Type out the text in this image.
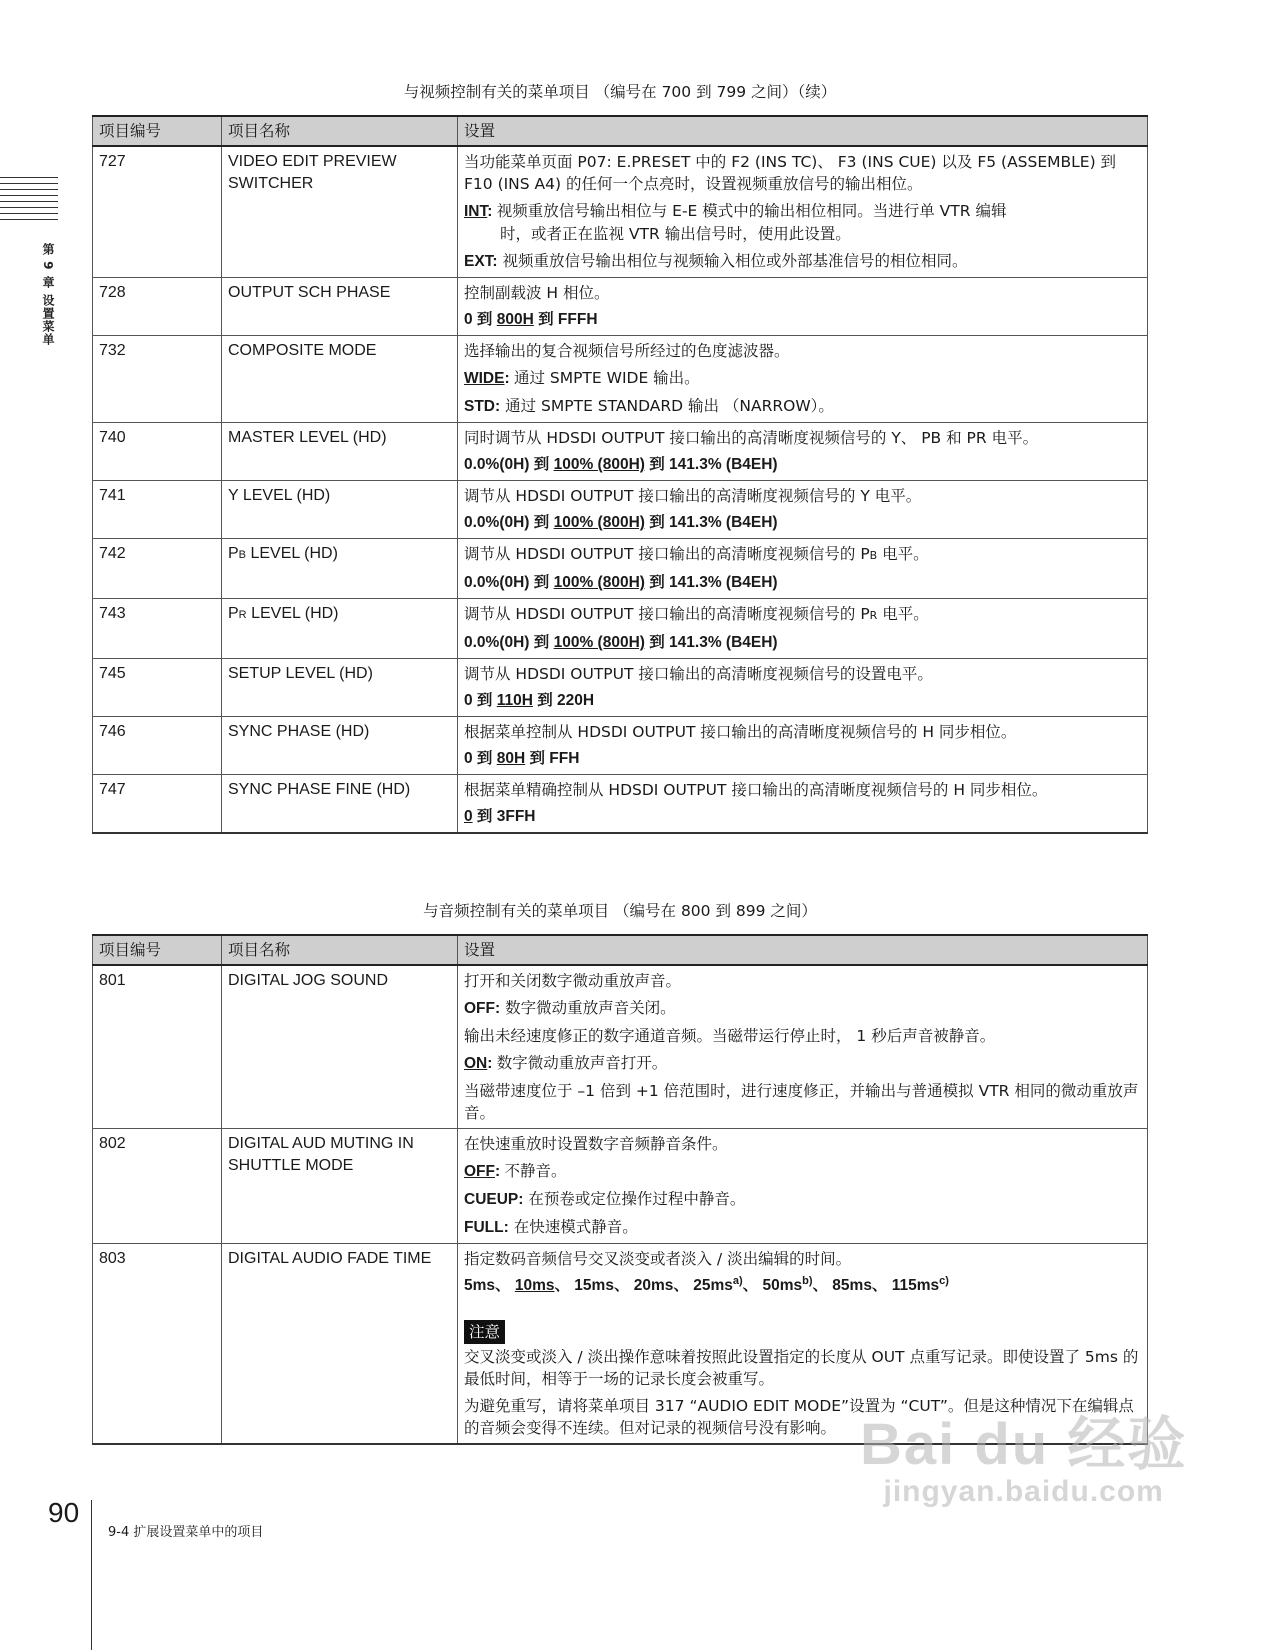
第 9 章 设置菜单
与视频控制有关的菜单项目 （编号在 700 到 799 之间）（续）
项目编号	项目名称	设置
727	VIDEO EDIT PREVIEW SWITCHER	当功能菜单页面 P07: E.PRESET 中的 F2 (INS TC)、 F3 (INS CUE) 以及 F5 (ASSEMBLE) 到 F10 (INS A4) 的任何一个点亮时，设置视频重放信号的输出相位。
INT: 视频重放信号输出相位与 E-E 模式中的输出相位相同。当进行单 VTR 编辑
时，或者正在监视 VTR 输出信号时，使用此设置。
EXT: 视频重放信号输出相位与视频输入相位或外部基准信号的相位相同。

728	OUTPUT SCH PHASE	控制副载波 H 相位。
0 到 800H 到 FFFH

732	COMPOSITE MODE	选择输出的复合视频信号所经过的色度滤波器。
WIDE: 通过 SMPTE WIDE 输出。
STD: 通过 SMPTE STANDARD 输出 （NARROW）。

740	MASTER LEVEL (HD)	同时调节从 HDSDI OUTPUT 接口输出的高清晰度视频信号的 Y、 PB 和 PR 电平。
0.0%(0H) 到 100% (800H) 到 141.3% (B4EH)

741	Y LEVEL (HD)	调节从 HDSDI OUTPUT 接口输出的高清晰度视频信号的 Y 电平。
0.0%(0H) 到 100% (800H) 到 141.3% (B4EH)

742	PB LEVEL (HD)	调节从 HDSDI OUTPUT 接口输出的高清晰度视频信号的 PB 电平。
0.0%(0H) 到 100% (800H) 到 141.3% (B4EH)

743	PR LEVEL (HD)	调节从 HDSDI OUTPUT 接口输出的高清晰度视频信号的 PR 电平。
0.0%(0H) 到 100% (800H) 到 141.3% (B4EH)

745	SETUP LEVEL (HD)	调节从 HDSDI OUTPUT 接口输出的高清晰度视频信号的设置电平。
0 到 110H 到 220H

746	SYNC PHASE (HD)	根据菜单控制从 HDSDI OUTPUT 接口输出的高清晰度视频信号的 H 同步相位。
0 到 80H 到 FFH

747	SYNC PHASE FINE (HD)	根据菜单精确控制从 HDSDI OUTPUT 接口输出的高清晰度视频信号的 H 同步相位。
0 到 3FFH
与音频控制有关的菜单项目 （编号在 800 到 899 之间）
项目编号	项目名称	设置
801	DIGITAL JOG SOUND	打开和关闭数字微动重放声音。
OFF: 数字微动重放声音关闭。
输出未经速度修正的数字通道音频。当磁带运行停止时， 1 秒后声音被静音。
ON: 数字微动重放声音打开。
当磁带速度位于 –1 倍到 +1 倍范围时，进行速度修正，并输出与普通模拟 VTR 相同的微动重放声音。

802	DIGITAL AUD MUTING IN SHUTTLE MODE	在快速重放时设置数字音频静音条件。
OFF: 不静音。
CUEUP: 在预卷或定位操作过程中静音。
FULL: 在快速模式静音。

803	DIGITAL AUDIO FADE TIME	指定数码音频信号交叉淡变或者淡入 / 淡出编辑的时间。
5ms、 10ms、 15ms、 20ms、 $25ms^{a)}$、 $50ms^{b)}$、 85ms、 $115ms^{c)}$
注意
交叉淡变或淡入 / 淡出操作意味着按照此设置指定的长度从 OUT 点重写记录。即使设置了 5ms 的最低时间，相等于一场的记录长度会被重写。
为避免重写，请将菜单项目 317 “AUDIO EDIT MODE”设置为 “CUT”。但是这种情况下在编辑点的音频会变得不连续。但对记录的视频信号没有影响。 Bai du 经验
jingyan.baidu.com
90
9-4 扩展设置菜单中的项目
